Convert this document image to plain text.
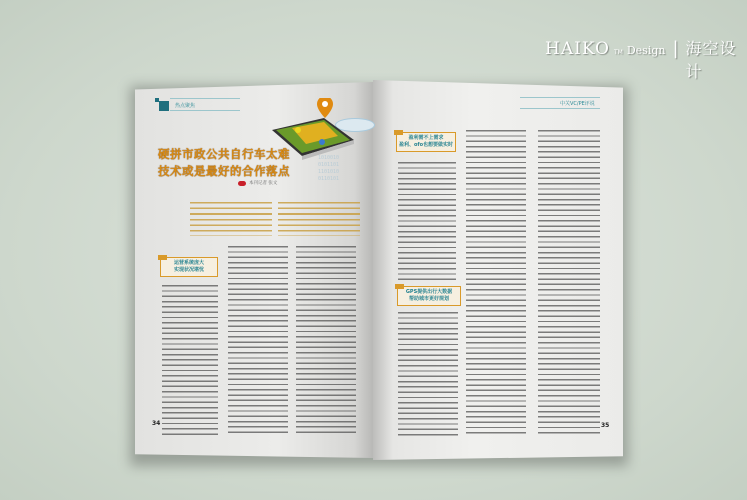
HAIKO TM Design | 海空设计
热点聚焦
1010010
0101101
1101010
0110101
硬拼市政公共自行车太难
技术或是最好的合作落点
本刊记者 张文
运营系统庞大
实现状况堪忧
34
中关VC/PE评说
盈利需不上需求
盈利、ofo也想要做实时
GPS提供出行大数据
帮助城市更好规划
35
